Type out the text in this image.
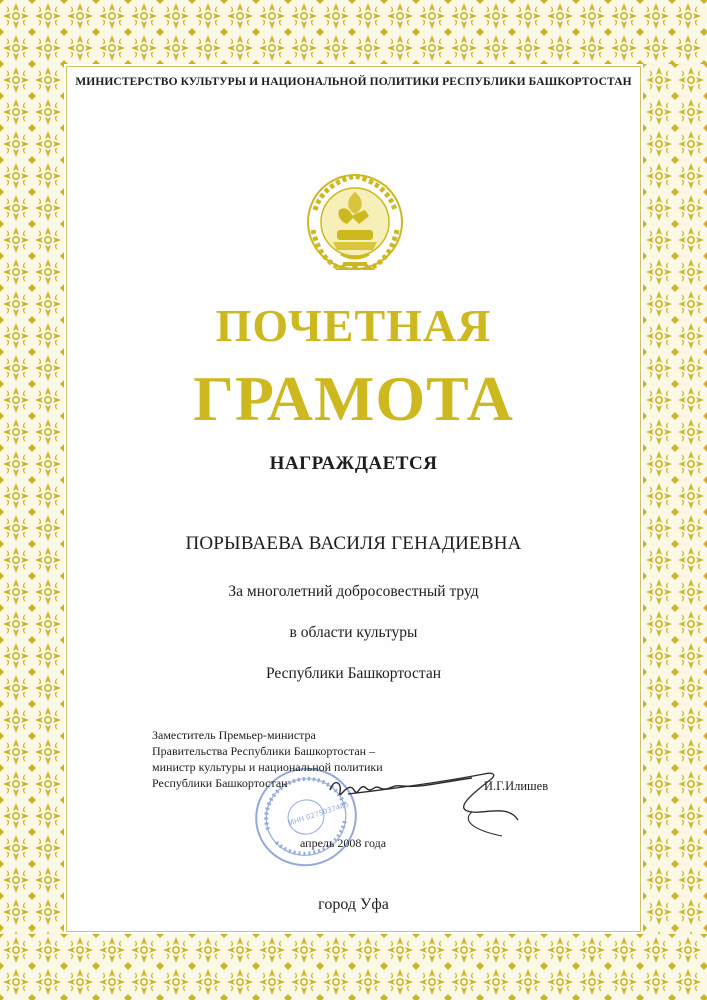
МИНИСТЕРСТВО КУЛЬТУРЫ И НАЦИОНАЛЬНОЙ ПОЛИТИКИ РЕСПУБЛИКИ БАШКОРТОСТАН
ПОЧЕТНАЯ
ГРАМОТА
НАГРАЖДАЕТСЯ
ПОРЫВАЕВА ВАСИЛЯ ГЕНАДИЕВНА
За многолетний добросовестный труд
в области культуры
Республики Башкортостан
ИНН 0275037485
Заместитель Премьер-министра
Правительства Республики Башкортостан –
министр культуры и национальной политики
Республики Башкортостан	И.Г.Илишев
апрель 2008 года
город Уфа
